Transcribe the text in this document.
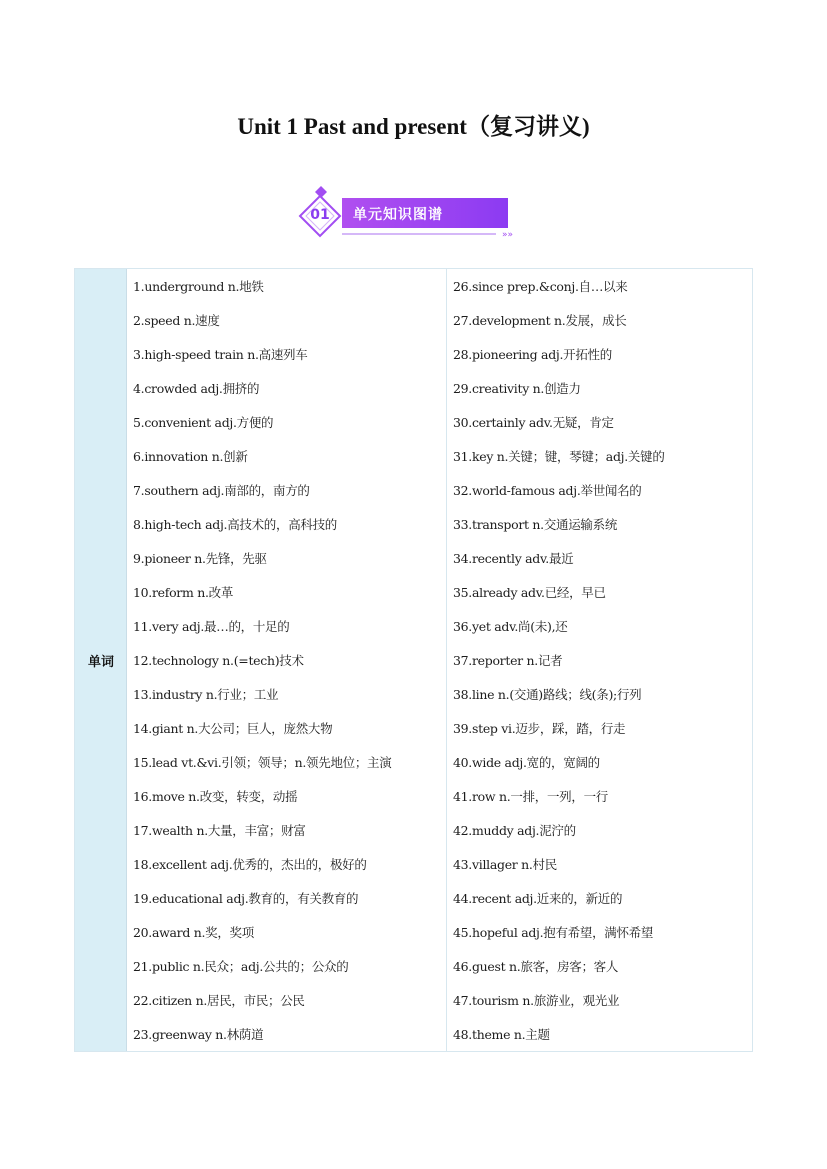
Unit 1 Past and present（复习讲义)
»»
01	单元知识图谱
单词
1.underground n.地铁
2.speed n.速度
3.high-speed train n.高速列车
4.crowded adj.拥挤的
5.convenient adj.方便的
6.innovation n.创新
7.southern adj.南部的，南方的
8.high-tech adj.高技术的，高科技的
9.pioneer n.先锋，先驱
10.reform n.改革
11.very adj.最…的，十足的
12.technology n.(=tech)技术
13.industry n.行业；工业
14.giant n.大公司；巨人，庞然大物
15.lead vt.&vi.引领；领导；n.领先地位；主演
16.move n.改变，转变，动摇
17.wealth n.大量，丰富；财富
18.excellent adj.优秀的，杰出的，极好的
19.educational adj.教育的，有关教育的
20.award n.奖，奖项
21.public n.民众；adj.公共的；公众的
22.citizen n.居民，市民；公民
23.greenway n.林荫道
26.since prep.&conj.自…以来
27.development n.发展，成长
28.pioneering adj.开拓性的
29.creativity n.创造力
30.certainly adv.无疑，肯定
31.key n.关键；键，琴键；adj.关键的
32.world-famous adj.举世闻名的
33.transport n.交通运输系统
34.recently adv.最近
35.already adv.已经，早已
36.yet adv.尚(未),还
37.reporter n.记者
38.line n.(交通)路线；线(条);行列
39.step vi.迈步，踩，踏，行走
40.wide adj.宽的，宽阔的
41.row n.一排，一列，一行
42.muddy adj.泥泞的
43.villager n.村民
44.recent adj.近来的，新近的
45.hopeful adj.抱有希望，满怀希望
46.guest n.旅客，房客；客人
47.tourism n.旅游业，观光业
48.theme n.主题
